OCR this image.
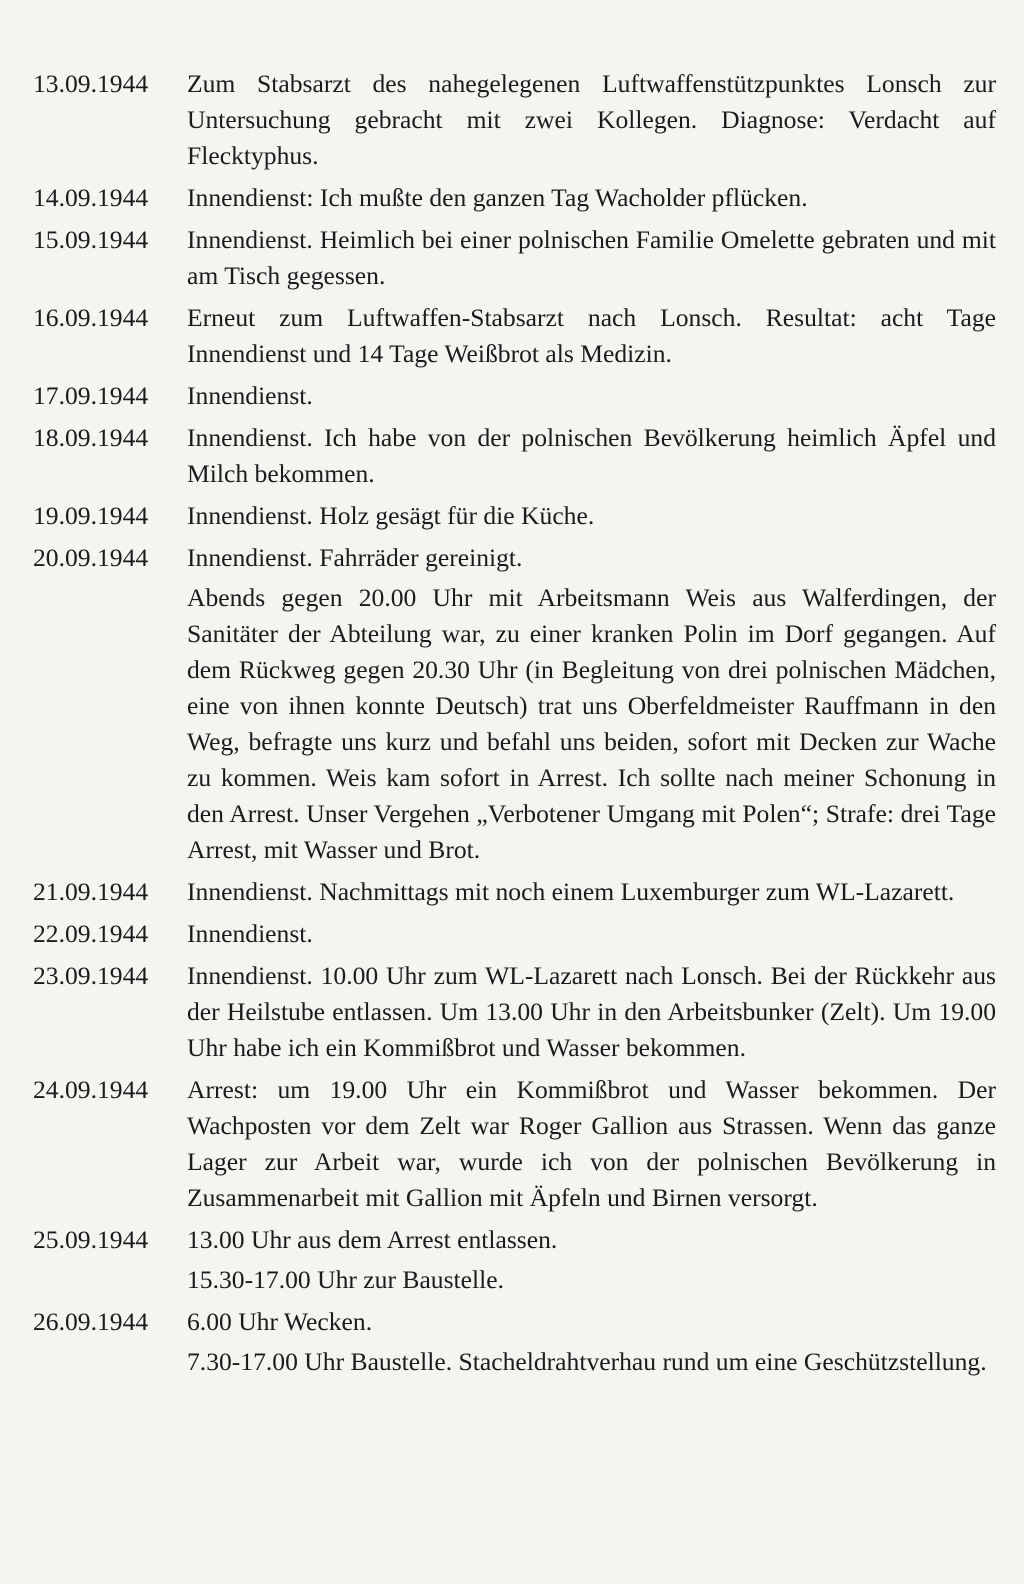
13.09.1944	Zum Stabsarzt des nahegelegenen Luftwaffenstützpunktes Lonsch zur Untersuchung gebracht mit zwei Kollegen. Diagnose: Verdacht auf Flecktyphus.
14.09.1944	Innendienst: Ich mußte den ganzen Tag Wacholder pflücken.
15.09.1944	Innendienst. Heimlich bei einer polnischen Familie Omelette gebraten und mit am Tisch gegessen.
16.09.1944	Erneut zum Luftwaffen-Stabsarzt nach Lonsch. Resultat: acht Tage Innendienst und 14 Tage Weißbrot als Medizin.
17.09.1944	Innendienst.
18.09.1944	Innendienst. Ich habe von der polnischen Bevölkerung heimlich Äpfel und Milch bekommen.
19.09.1944	Innendienst. Holz gesägt für die Küche.
20.09.1944	Innendienst. Fahrräder gereinigt.
Abends gegen 20.00 Uhr mit Arbeitsmann Weis aus Walferdingen, der Sanitäter der Abteilung war, zu einer kranken Polin im Dorf gegangen. Auf dem Rückweg gegen 20.30 Uhr (in Begleitung von drei polnischen Mädchen, eine von ihnen konnte Deutsch) trat uns Oberfeldmeister Rauffmann in den Weg, befragte uns kurz und befahl uns beiden, sofort mit Decken zur Wache zu kommen. Weis kam sofort in Arrest. Ich sollte nach meiner Schonung in den Arrest. Unser Vergehen „Verbotener Umgang mit Polen“; Strafe: drei Tage Arrest, mit Wasser und Brot.
21.09.1944	Innendienst. Nachmittags mit noch einem Luxemburger zum WL-Lazarett.
22.09.1944	Innendienst.
23.09.1944	Innendienst. 10.00 Uhr zum WL-Lazarett nach Lonsch. Bei der Rückkehr aus der Heilstube entlassen. Um 13.00 Uhr in den Arbeitsbunker (Zelt). Um 19.00 Uhr habe ich ein Kommißbrot und Wasser bekommen.
24.09.1944	Arrest: um 19.00 Uhr ein Kommißbrot und Wasser bekommen. Der Wachposten vor dem Zelt war Roger Gallion aus Strassen. Wenn das ganze Lager zur Arbeit war, wurde ich von der polnischen Bevölkerung in Zusammenarbeit mit Gallion mit Äpfeln und Birnen versorgt.
25.09.1944	13.00 Uhr aus dem Arrest entlassen.
15.30-17.00 Uhr zur Baustelle.
26.09.1944	6.00 Uhr Wecken.
7.30-17.00 Uhr Baustelle. Stacheldrahtverhau rund um eine Geschützstellung.
